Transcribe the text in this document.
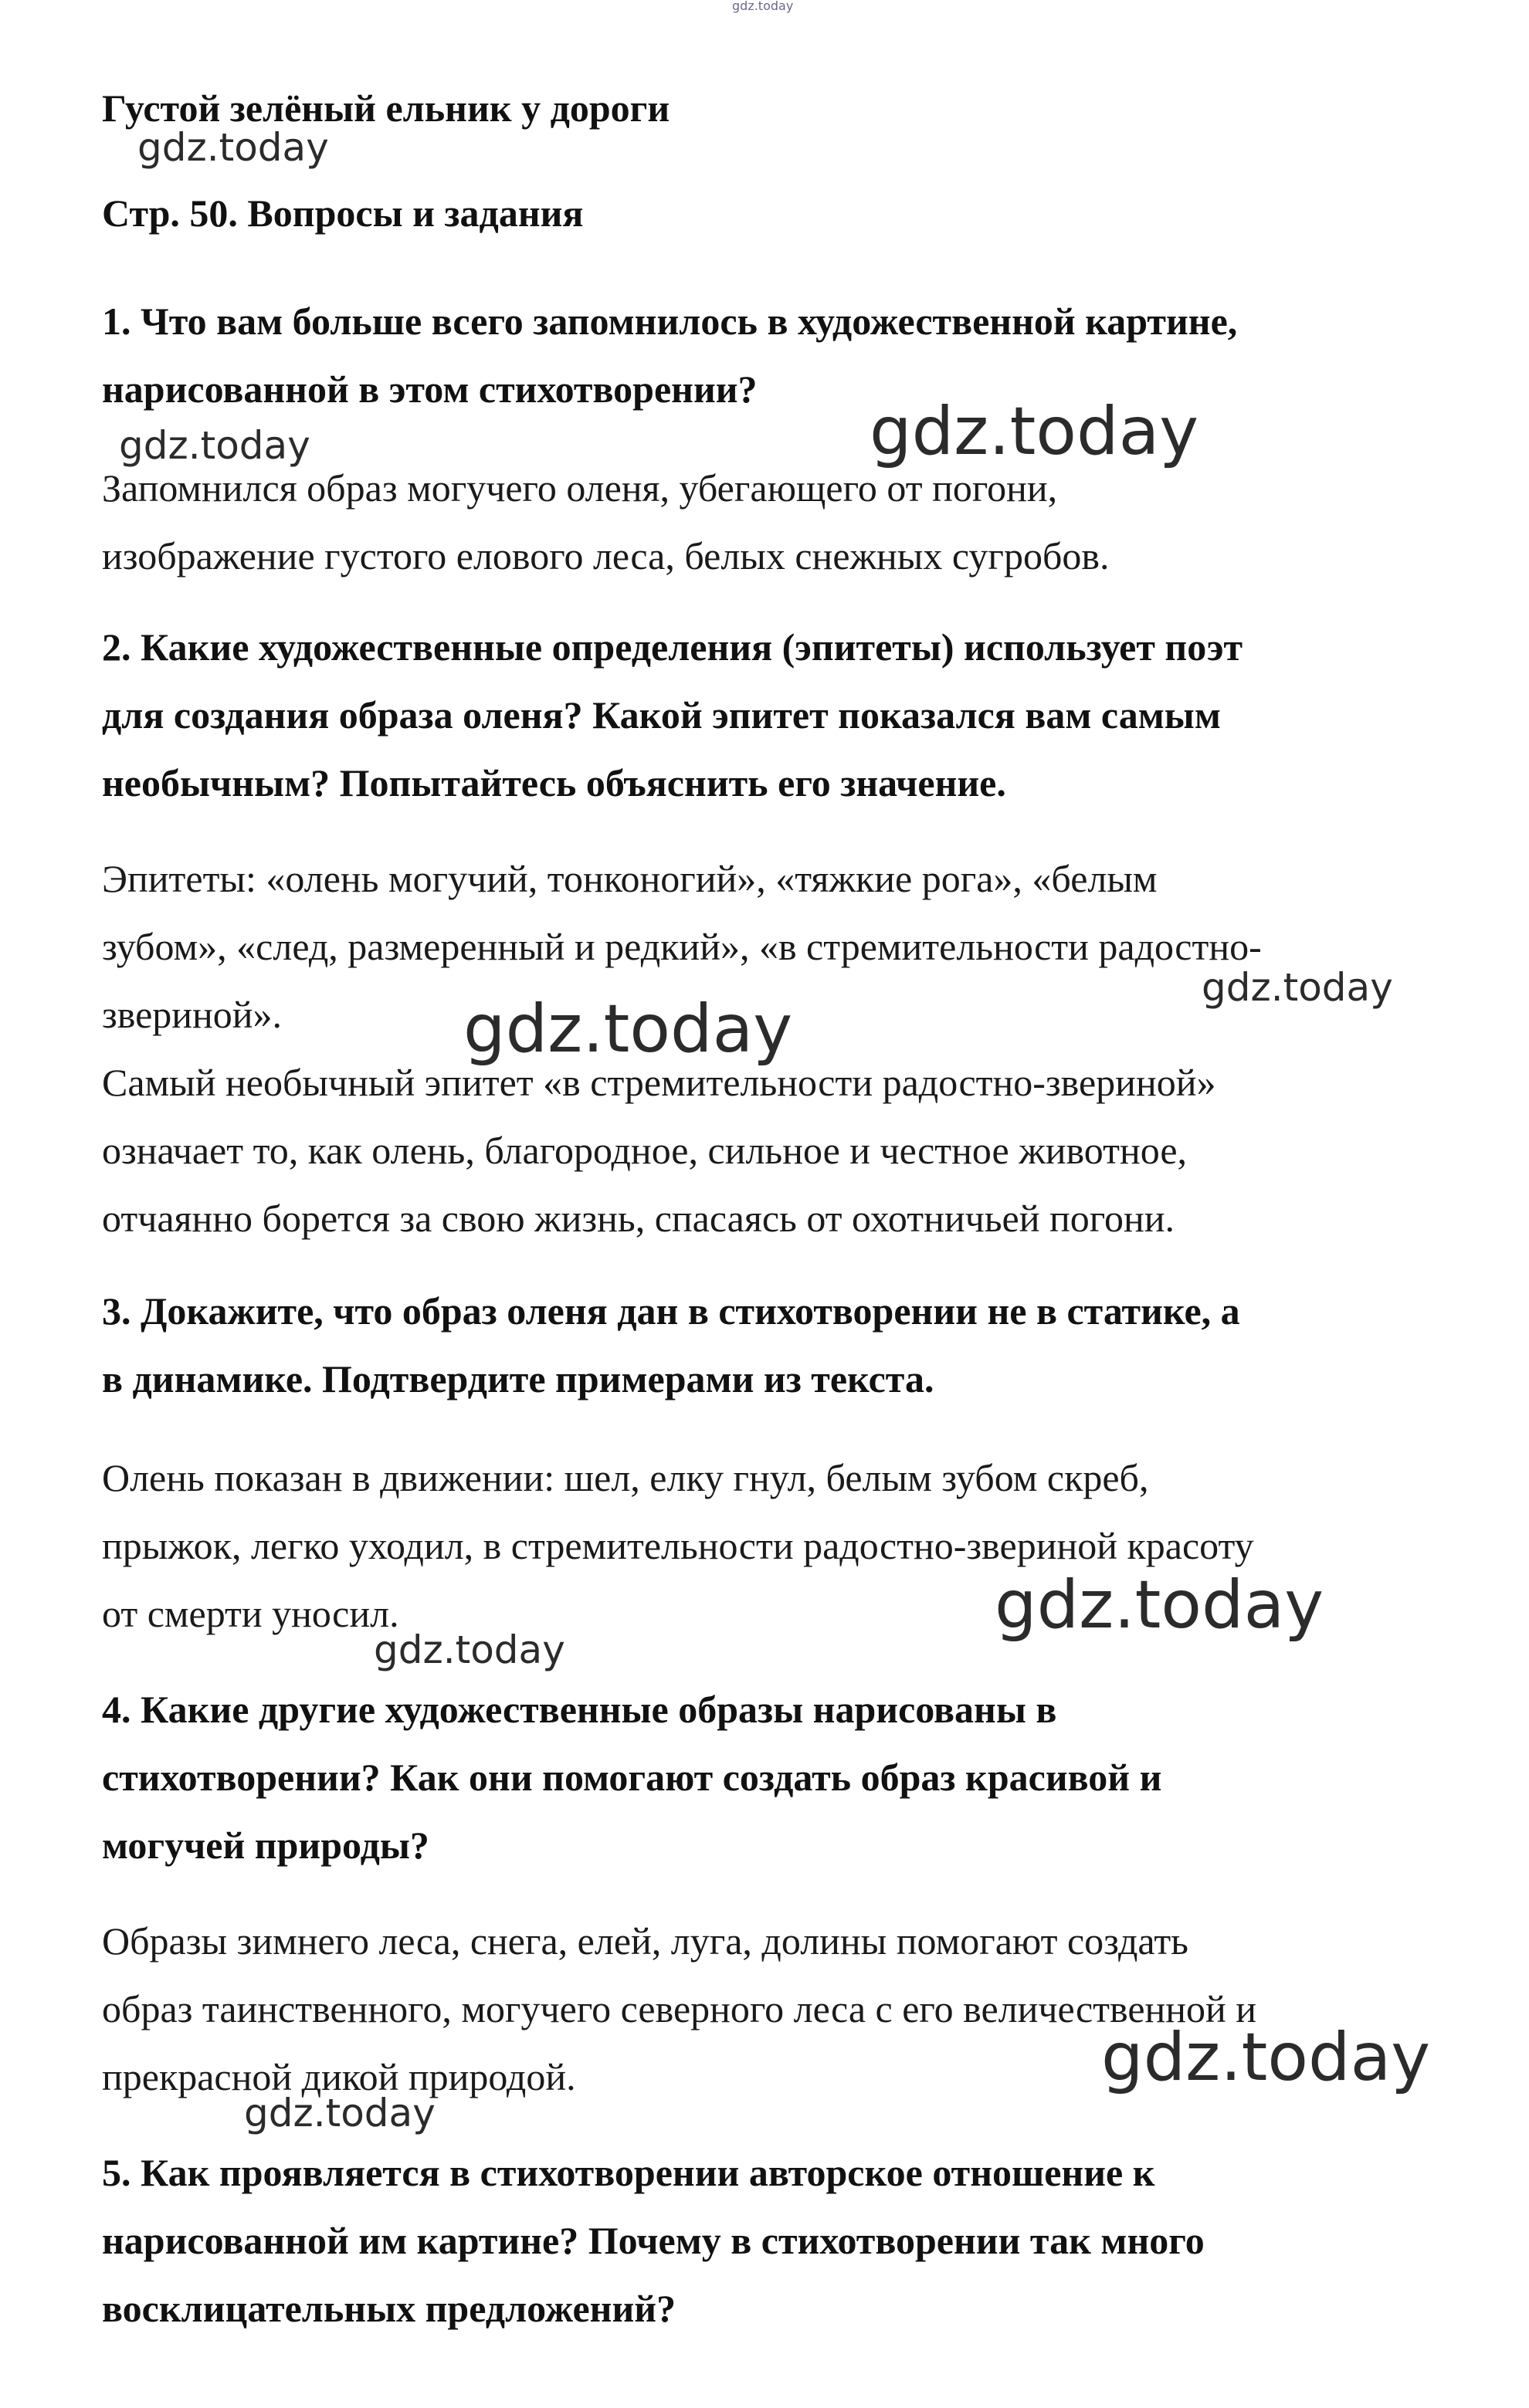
gdz.today
Густой зелёный ельник у дороги
gdz.today
Стр. 50. Вопросы и задания
1. Что вам больше всего запомнилось в художественной картине,
нарисованной в этом стихотворении?
gdz.today	gdz.today
Запомнился образ могучего оленя, убегающего от погони,
изображение густого елового леса, белых снежных сугробов.
2. Какие художественные определения (эпитеты) использует поэт
для создания образа оленя? Какой эпитет показался вам самым
необычным? Попытайтесь объяснить его значение.
Эпитеты: «олень могучий, тонконогий», «тяжкие рога», «белым
зубом», «след, размеренный и редкий», «в стремительности радостно-
звериной».
Самый необычный эпитет «в стремительности радостно-звериной»
означает то, как олень, благородное, сильное и честное животное,
отчаянно борется за свою жизнь, спасаясь от охотничьей погони.
gdz.today
gdz.today
3. Докажите, что образ оленя дан в стихотворении не в статике, а
в динамике. Подтвердите примерами из текста.
Олень показан в движении: шел, елку гнул, белым зубом скреб,
прыжок, легко уходил, в стремительности радостно-звериной красоту
от смерти уносил.	gdz.today
gdz.today
4. Какие другие художественные образы нарисованы в
стихотворении? Как они помогают создать образ красивой и
могучей природы?
Образы зимнего леса, снега, елей, луга, долины помогают создать
образ таинственного, могучего северного леса с его величественной и
прекрасной дикой природой.	gdz.today
gdz.today
5. Как проявляется в стихотворении авторское отношение к
нарисованной им картине? Почему в стихотворении так много
восклицательных предложений?
